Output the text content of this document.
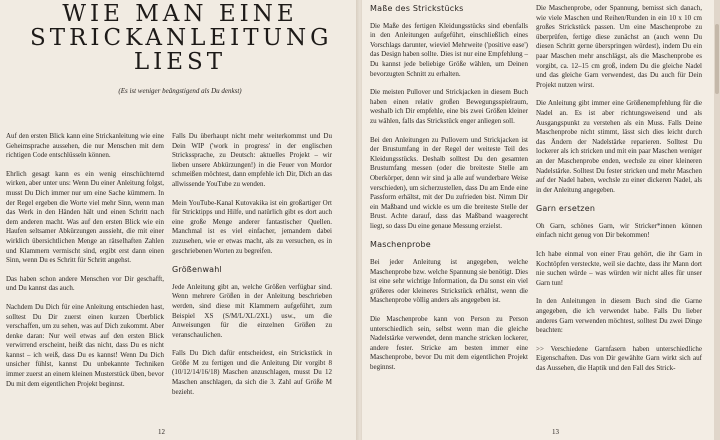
WIE MAN EINE
STRICKANLEITUNG
LIEST
(Es ist weniger beängstigend als Du denkst)

Auf den ersten Blick kann eine Strickanleitung wie eine Geheimsprache aussehen, die nur Menschen mit dem richtigen Code entschlüsseln können.

Ehrlich gesagt kann es ein wenig einschüchternd wirken, aber unter uns: Wenn Du einer Anleitung folgst, musst Du Dich immer nur um eine Sache kümmern. In der Regel ergeben die Worte viel mehr Sinn, wenn man das Werk in den Händen hält und einen Schritt nach dem anderen macht. Was auf den ersten Blick wie ein Haufen seltsamer Abkürzungen aussieht, die mit einer wirklich übersichtlichen Menge an rätselhaften Zahlen und Klammern vermischt sind, ergibt erst dann einen Sinn, wenn Du es Schritt für Schritt angehst.

Das haben schon andere Menschen vor Dir geschafft, und Du kannst das auch.

Nachdem Du Dich für eine Anleitung entschieden hast, solltest Du Dir zuerst einen kurzen Überblick verschaffen, um zu sehen, was auf Dich zukommt. Aber denke daran: Nur weil etwas auf den ersten Blick verwirrend erscheint, heißt das nicht, dass Du es nicht kannst – ich weiß, dass Du es kannst! Wenn Du Dich unsicher fühlst, kannst Du unbekannte Techniken immer zuerst an einem kleinen Musterstück üben, bevor Du mit dem eigentlichen Projekt beginnst.

Falls Du überhaupt nicht mehr weiterkommst und Du Dein WIP ('work in progress' in der englischen Strickssprache, zu Deutsch: aktuelles Projekt – wir lieben unsere Abkürzungen!) in die Feuer von Mordor schmeißen möchtest, dann empfehle ich Dir, Dich an das allwissende YouTube zu wenden.

Mein YouTube-Kanal Kutovakika ist ein großartiger Ort für Stricktipps und Hilfe, und natürlich gibt es dort auch eine große Menge anderer fantastischer Quellen. Manchmal ist es viel einfacher, jemandem dabei zuzusehen, wie er etwas macht, als zu versuchen, es in geschriebenen Worten zu begreifen.

Größenwahl

Jede Anleitung gibt an, welche Größen verfügbar sind. Wenn mehrere Größen in der Anleitung beschrieben werden, sind diese mit Klammern aufgeführt, zum Beispiel XS (S/M/L/XL/2XL) usw., um die Anweisungen für die einzelnen Größen zu veranschaulichen.

Falls Du Dich dafür entscheidest, ein Strickstück in Größe M zu fertigen und die Anleitung Dir vorgibt 8 (10/12/14/16/18) Maschen anzuschlagen, musst Du 12 Maschen anschlagen, da sich die 3. Zahl auf Größe M bezieht.

12
Maße des Strickstücks

Die Maße des fertigen Kleidungsstücks sind ebenfalls in den Anleitungen aufgeführt, einschließlich eines Vorschlags darunter, wieviel Mehrweite ('positive ease') das Design haben sollte. Dies ist nur eine Empfehlung – Du kannst jede beliebige Größe wählen, um Deinen bevorzugten Schnitt zu erhalten.

Die meisten Pullover und Strickjacken in diesem Buch haben einen relativ großen Bewegungsspielraum, weshalb ich Dir empfehle, eine bis zwei Größen kleiner zu wählen, falls das Strickstück enger anliegen soll.

Bei den Anleitungen zu Pullovern und Strickjacken ist der Brustumfang in der Regel der weiteste Teil des Kleidungsstücks. Deshalb solltest Du den gesamten Brustumfang messen (oder die breiteste Stelle am Oberkörper, denn wir sind ja alle auf wunderbare Weise verschieden), um sicherzustellen, dass Du am Ende eine Passform erhältst, mit der Du zufrieden bist. Nimm Dir ein Maßband und wickle es um die breiteste Stelle der Brust. Achte darauf, dass das Maßband waagerecht liegt, so dass Du eine genaue Messung erzielst.

Maschenprobe

Bei jeder Anleitung ist angegeben, welche Maschenprobe bzw. welche Spannung sie benötigt. Dies ist eine sehr wichtige Information, da Du sonst ein viel größeres oder kleineres Strickstück erhältst, wenn die Maschenprobe völlig anders als angegeben ist.

Die Maschenprobe kann von Person zu Person unterschiedlich sein, selbst wenn man die gleiche Nadelstärke verwendet, denn manche stricken lockerer, andere fester. Stricke am besten immer eine Maschenprobe, bevor Du mit dem eigentlichen Projekt beginnst.

Die Maschenprobe, oder Spannung, bemisst sich danach, wie viele Maschen und Reihen/Runden in ein 10 x 10 cm großes Strickstück passen. Um eine Maschenprobe zu überprüfen, fertige diese zunächst an (auch wenn Du diesen Schritt gerne überspringen würdest), indem Du ein paar Maschen mehr anschlägst, als die Maschenprobe es vorgibt, ca. 12–15 cm groß, indem Du die gleiche Nadel und das gleiche Garn verwendest, das Du auch für Dein Projekt nutzen wirst.

Die Anleitung gibt immer eine Größenempfehlung für die Nadel an. Es ist aber richtungsweisend und als Ausgangspunkt zu verstehen als ein Muss. Falls Deine Maschenprobe nicht stimmt, lässt sich dies leicht durch das Ändern der Nadelstärke reparieren. Solltest Du lockerer als ich stricken und mit ein paar Maschen weniger an der Maschenprobe enden, wechsle zu einer kleineren Nadelstärke. Solltest Du fester stricken und mehr Maschen auf der Nadel haben, wechsle zu einer dickeren Nadel, als in der Anleitung angegeben.

Garn ersetzen

Oh Garn, schönes Garn, wir Stricker*innen können einfach nicht genug von Dir bekommen!

Ich habe einmal von einer Frau gehört, die ihr Garn in Kochtöpfen versteckte, weil sie dachte, dass ihr Mann dort nie suchen würde – was würden wir nicht alles für unser Garn tun!

In den Anleitungen in diesem Buch sind die Garne angegeben, die ich verwendet habe. Falls Du lieber anderes Garn verwenden möchtest, solltest Du zwei Dinge beachten:

>> Verschiedene Garnfasern haben unterschiedliche Eigenschaften. Das von Dir gewählte Garn wirkt sich auf das Aussehen, die Haptik und den Fall des Strick-

13
